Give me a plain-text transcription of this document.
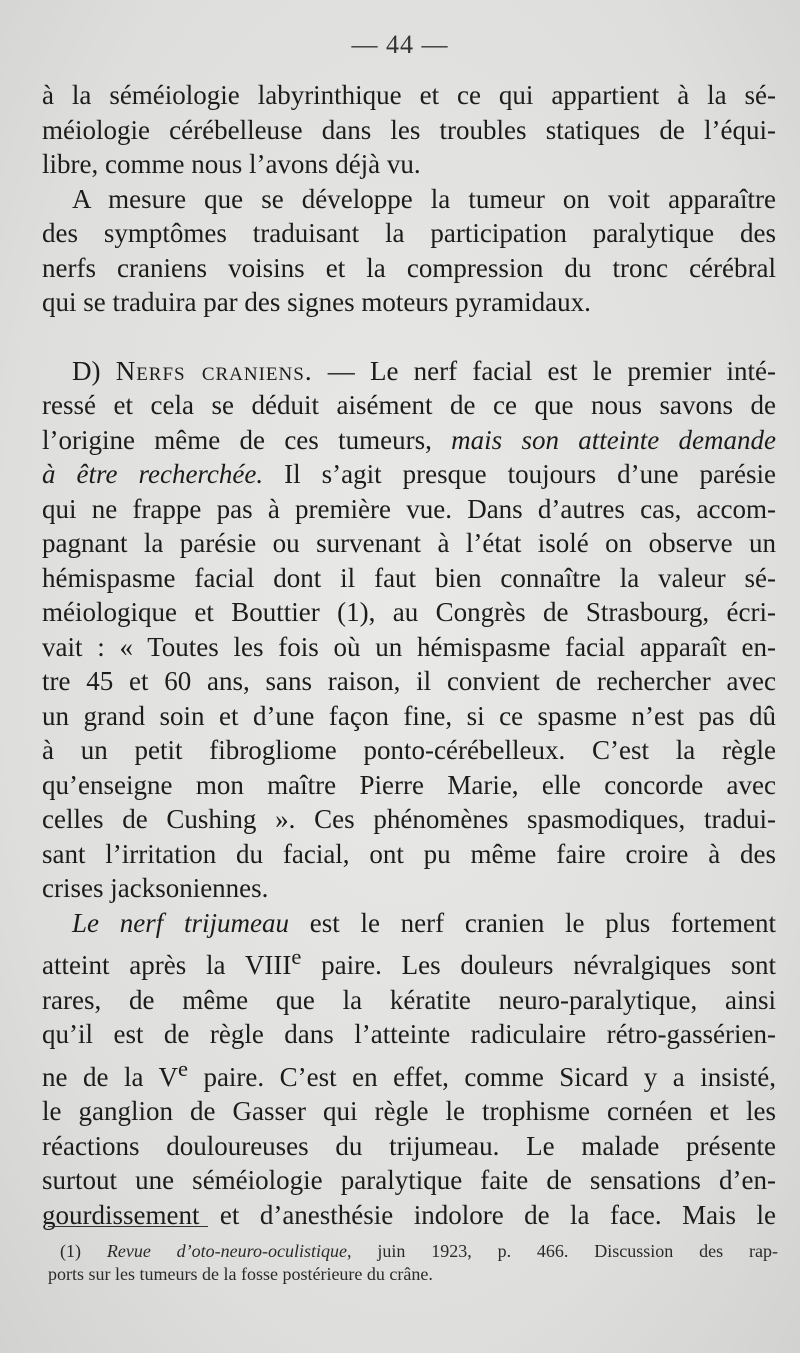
— 44 —
à la séméiologie labyrinthique et ce qui appartient à la sé-
méiologie cérébelleuse dans les troubles statiques de l’équi-
libre, comme nous l’avons déjà vu.
A mesure que se développe la tumeur on voit apparaître
des symptômes traduisant la participation paralytique des
nerfs craniens voisins et la compression du tronc cérébral
qui se traduira par des signes moteurs pyramidaux.
D) Nerfs craniens. — Le nerf facial est le premier inté-
ressé et cela se déduit aisément de ce que nous savons de
l’origine même de ces tumeurs, mais son atteinte demande
à être recherchée. Il s’agit presque toujours d’une parésie
qui ne frappe pas à première vue. Dans d’autres cas, accom-
pagnant la parésie ou survenant à l’état isolé on observe un
hémispasme facial dont il faut bien connaître la valeur sé-
méiologique et Bouttier (1), au Congrès de Strasbourg, écri-
vait : « Toutes les fois où un hémispasme facial apparaît en-
tre 45 et 60 ans, sans raison, il convient de rechercher avec
un grand soin et d’une façon fine, si ce spasme n’est pas dû
à un petit fibrogliome ponto-cérébelleux. C’est la règle
qu’enseigne mon maître Pierre Marie, elle concorde avec
celles de Cushing ». Ces phénomènes spasmodiques, tradui-
sant l’irritation du facial, ont pu même faire croire à des
crises jacksoniennes.
Le nerf trijumeau est le nerf cranien le plus fortement
atteint après la VIIIe paire. Les douleurs névralgiques sont
rares, de même que la kératite neuro-paralytique, ainsi
qu’il est de règle dans l’atteinte radiculaire rétro-gassérien-
ne de la Ve paire. C’est en effet, comme Sicard y a insisté,
le ganglion de Gasser qui règle le trophisme cornéen et les
réactions douloureuses du trijumeau. Le malade présente
surtout une séméiologie paralytique faite de sensations d’en-
gourdissement et d’anesthésie indolore de la face. Mais le
(1) Revue d’oto-neuro-oculistique, juin 1923, p. 466. Discussion des rap-
ports sur les tumeurs de la fosse postérieure du crâne.
